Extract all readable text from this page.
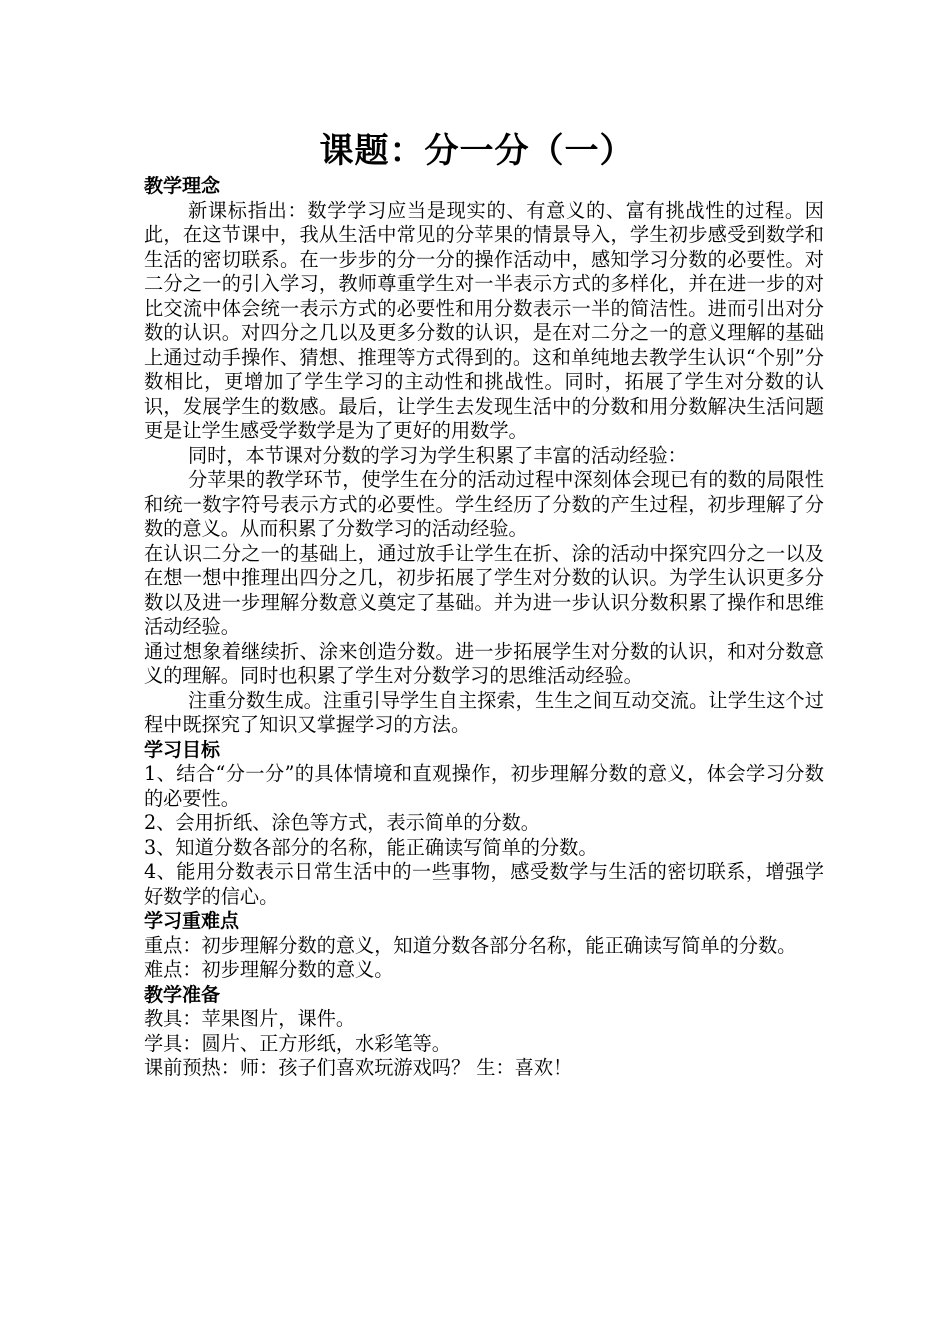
课题：分一分（一）
教学理念

新课标指出：数学学习应当是现实的、有意义的、富有挑战性的过程。因此，在这节课中，我从生活中常见的分苹果的情景导入，学生初步感受到数学和生活的密切联系。在一步步的分一分的操作活动中，感知学习分数的必要性。对二分之一的引入学习，教师尊重学生对一半表示方式的多样化，并在进一步的对比交流中体会统一表示方式的必要性和用分数表示一半的简洁性。进而引出对分数的认识。对四分之几以及更多分数的认识，是在对二分之一的意义理解的基础上通过动手操作、猜想、推理等方式得到的。这和单纯地去教学生认识“个别”分数相比，更增加了学生学习的主动性和挑战性。同时，拓展了学生对分数的认识，发展学生的数感。最后，让学生去发现生活中的分数和用分数解决生活问题更是让学生感受学数学是为了更好的用数学。

同时，本节课对分数的学习为学生积累了丰富的活动经验：

分苹果的教学环节，使学生在分的活动过程中深刻体会现已有的数的局限性和统一数字符号表示方式的必要性。学生经历了分数的产生过程，初步理解了分数的意义。从而积累了分数学习的活动经验。

在认识二分之一的基础上，通过放手让学生在折、涂的活动中探究四分之一以及在想一想中推理出四分之几，初步拓展了学生对分数的认识。为学生认识更多分数以及进一步理解分数意义奠定了基础。并为进一步认识分数积累了操作和思维活动经验。

通过想象着继续折、涂来创造分数。进一步拓展学生对分数的认识，和对分数意义的理解。同时也积累了学生对分数学习的思维活动经验。

注重分数生成。注重引导学生自主探索，生生之间互动交流。让学生这个过程中既探究了知识又掌握学习的方法。

学习目标

1、结合“分一分”的具体情境和直观操作，初步理解分数的意义，体会学习分数的必要性。

2、会用折纸、涂色等方式，表示简单的分数。

3、知道分数各部分的名称，能正确读写简单的分数。

4、能用分数表示日常生活中的一些事物，感受数学与生活的密切联系，增强学好数学的信心。

学习重难点

重点：初步理解分数的意义，知道分数各部分名称，能正确读写简单的分数。

难点：初步理解分数的意义。

教学准备

教具：苹果图片，课件。

学具：圆片、正方形纸，水彩笔等。

课前预热：师：孩子们喜欢玩游戏吗？ 生：喜欢！
